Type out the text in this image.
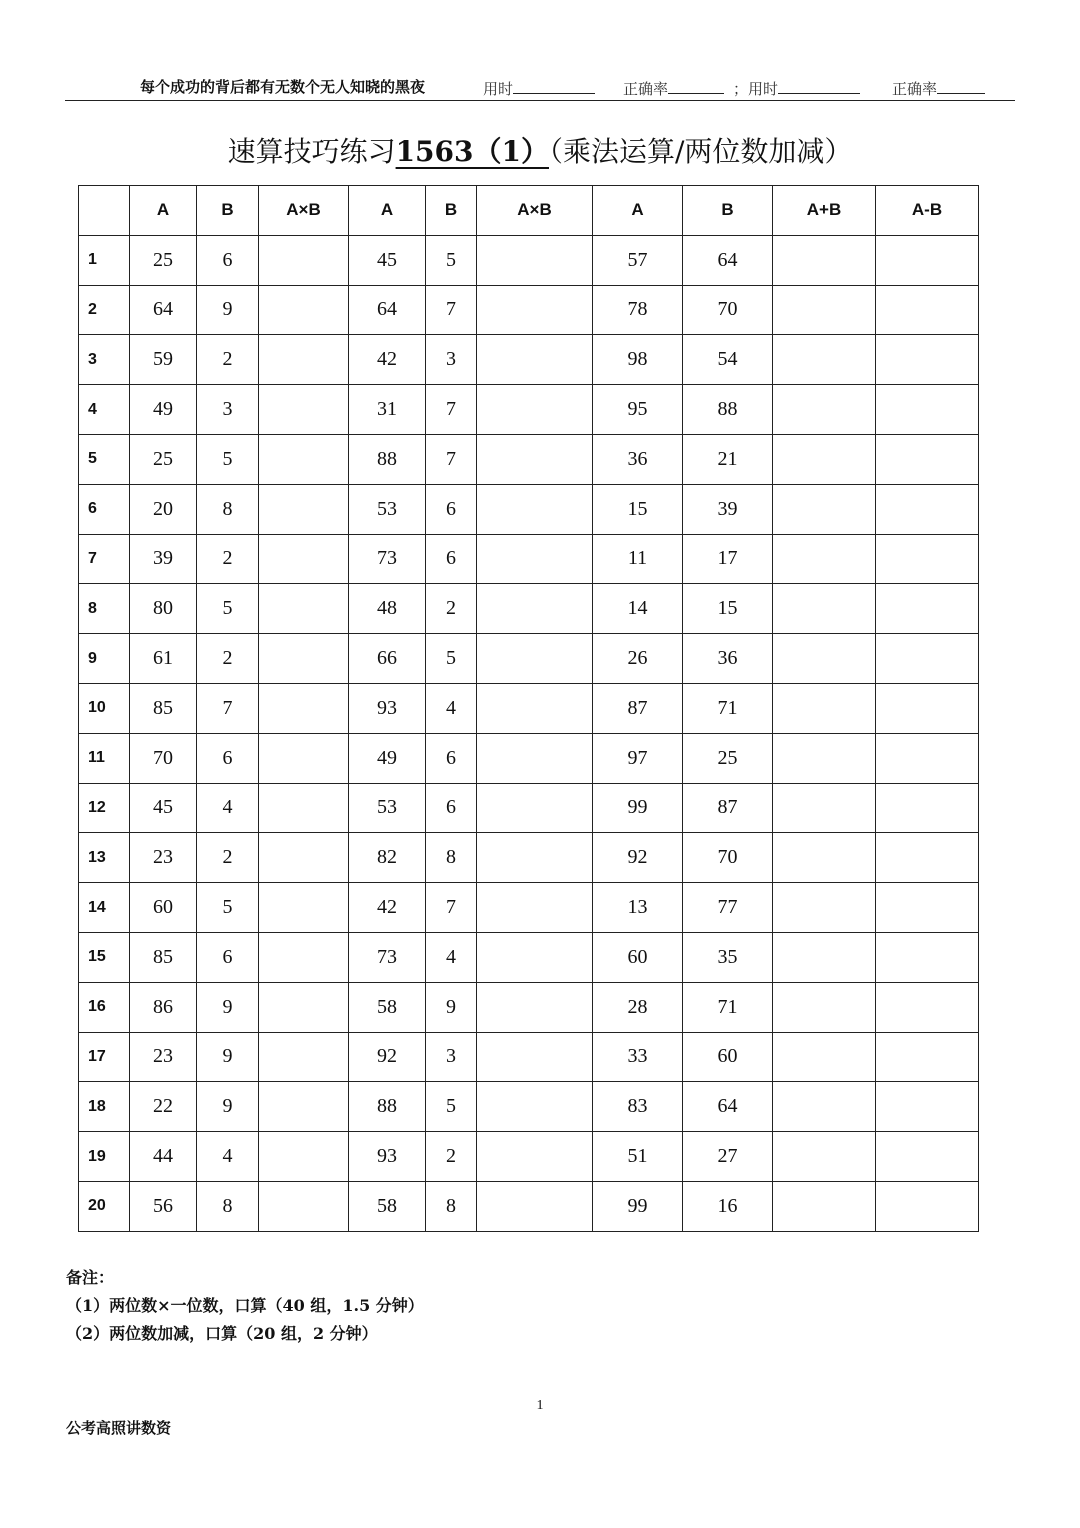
每个成功的背后都有无数个无人知晓的黑夜	用时	正确率	；用时	正确率
速算技巧练习1563（1）（乘法运算/两位数加减）
	A	B	A×B	A	B	A×B	A	B	A+B	A-B
1	25	6		45	5		57	64		
2	64	9		64	7		78	70		
3	59	2		42	3		98	54		
4	49	3		31	7		95	88		
5	25	5		88	7		36	21		
6	20	8		53	6		15	39		
7	39	2		73	6		11	17		
8	80	5		48	2		14	15		
9	61	2		66	5		26	36		
10	85	7		93	4		87	71		
11	70	6		49	6		97	25		
12	45	4		53	6		99	87		
13	23	2		82	8		92	70		
14	60	5		42	7		13	77		
15	85	6		73	4		60	35		
16	86	9		58	9		28	71		
17	23	9		92	3		33	60		
18	22	9		88	5		83	64		
19	44	4		93	2		51	27		
20	56	8		58	8		99	16		
备注：
（1）两位数×一位数，口算（40 组，1.5 分钟）
（2）两位数加减，口算（20 组，2 分钟）
1
公考高照讲数资
